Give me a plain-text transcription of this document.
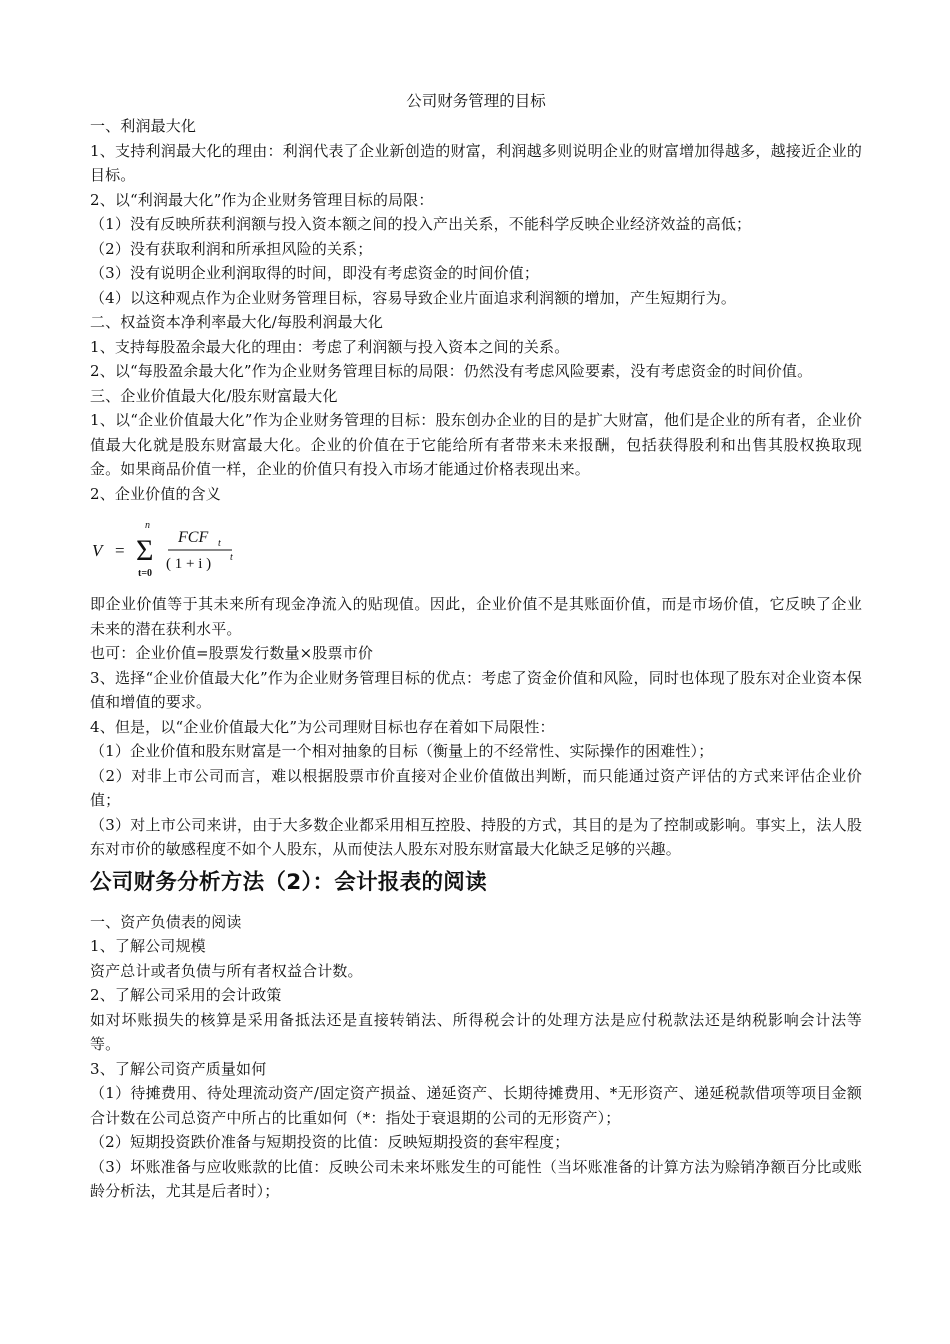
公司财务管理的目标

一、利润最大化

1、支持利润最大化的理由：利润代表了企业新创造的财富，利润越多则说明企业的财富增加得越多，越接近企业的目标。

2、以“利润最大化”作为企业财务管理目标的局限：

（1）没有反映所获利润额与投入资本额之间的投入产出关系，不能科学反映企业经济效益的高低；

（2）没有获取利润和所承担风险的关系；

（3）没有说明企业利润取得的时间，即没有考虑资金的时间价值；

（4）以这种观点作为企业财务管理目标，容易导致企业片面追求利润额的增加，产生短期行为。

二、权益资本净利率最大化/每股利润最大化

1、支持每股盈余最大化的理由：考虑了利润额与投入资本之间的关系。

2、以“每股盈余最大化”作为企业财务管理目标的局限：仍然没有考虑风险要素，没有考虑资金的时间价值。

三、企业价值最大化/股东财富最大化

1、以“企业价值最大化”作为企业财务管理的目标：股东创办企业的目的是扩大财富，他们是企业的所有者，企业价值最大化就是股东财富最大化。企业的价值在于它能给所有者带来未来报酬，包括获得股利和出售其股权换取现金。如果商品价值一样，企业的价值只有投入市场才能通过价格表现出来。

2、企业价值的含义

V =
n
Σ
t=0
FCF t
( 1 + i ) t

即企业价值等于其未来所有现金净流入的贴现值。因此，企业价值不是其账面价值，而是市场价值，它反映了企业未来的潜在获利水平。

也可：企业价值=股票发行数量×股票市价

3、选择“企业价值最大化”作为企业财务管理目标的优点：考虑了资金价值和风险，同时也体现了股东对企业资本保值和增值的要求。

4、但是，以“企业价值最大化”为公司理财目标也存在着如下局限性：

（1）企业价值和股东财富是一个相对抽象的目标（衡量上的不经常性、实际操作的困难性）；

（2）对非上市公司而言，难以根据股票市价直接对企业价值做出判断，而只能通过资产评估的方式来评估企业价值；

（3）对上市公司来讲，由于大多数企业都采用相互控股、持股的方式，其目的是为了控制或影响。事实上，法人股东对市价的敏感程度不如个人股东，从而使法人股东对股东财富最大化缺乏足够的兴趣。

公司财务分析方法（2）：会计报表的阅读

一、资产负债表的阅读

1、了解公司规模

资产总计或者负债与所有者权益合计数。

2、了解公司采用的会计政策

如对坏账损失的核算是采用备抵法还是直接转销法、所得税会计的处理方法是应付税款法还是纳税影响会计法等等。

3、了解公司资产质量如何

（1）待摊费用、待处理流动资产/固定资产损益、递延资产、长期待摊费用、*无形资产、递延税款借项等项目金额合计数在公司总资产中所占的比重如何（*：指处于衰退期的公司的无形资产）；

（2）短期投资跌价准备与短期投资的比值：反映短期投资的套牢程度；

（3）坏账准备与应收账款的比值：反映公司未来坏账发生的可能性（当坏账准备的计算方法为赊销净额百分比或账龄分析法，尤其是后者时）；
